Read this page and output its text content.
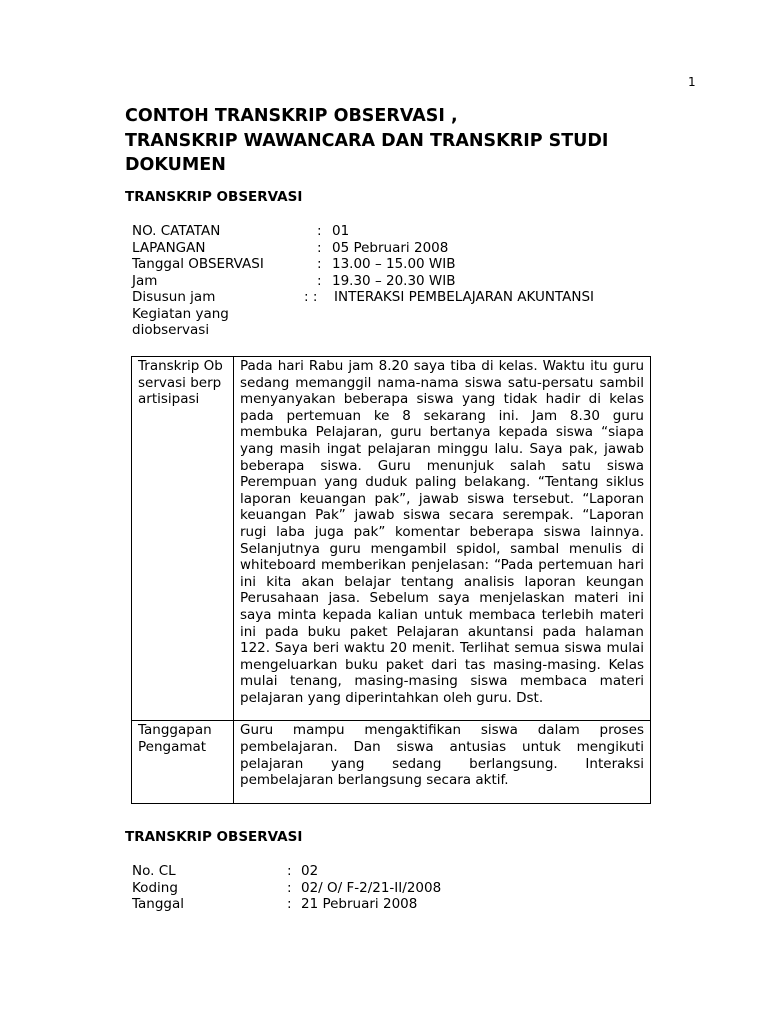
1
CONTOH TRANSKRIP OBSERVASI ,
TRANSKRIP WAWANCARA DAN TRANSKRIP STUDI
DOKUMEN
TRANSKRIP OBSERVASI
NO. CATATAN	: 01
LAPANGAN	: 05 Pebruari 2008
Tanggal OBSERVASI	: 13.00 – 15.00 WIB
Jam	: 19.30 – 20.30 WIB
Disusun jam	: : INTERAKSI PEMBELAJARAN AKUNTANSI
Kegiatan yang
diobservasi
Transkrip Observasi berpartisipasi	Pada hari Rabu jam 8.20 saya tiba di kelas. Waktu itu guru sedang memanggil nama-nama siswa satu-persatu sambil menyanyakan beberapa siswa yang tidak hadir di kelas pada pertemuan ke 8 sekarang ini. Jam 8.30 guru membuka Pelajaran, guru bertanya kepada siswa “siapa yang masih ingat pelajaran minggu lalu. Saya pak, jawab beberapa siswa. Guru menunjuk salah satu siswa Perempuan yang duduk paling belakang. “Tentang siklus laporan keuangan pak”, jawab siswa tersebut. “Laporan keuangan Pak” jawab siswa secara serempak. “Laporan rugi laba juga pak” komentar beberapa siswa lainnya. Selanjutnya guru mengambil spidol, sambal menulis di whiteboard memberikan penjelasan: “Pada pertemuan hari ini kita akan belajar tentang analisis laporan keungan Perusahaan jasa. Sebelum saya menjelaskan materi ini saya minta kepada kalian untuk membaca terlebih materi ini pada buku paket Pelajaran akuntansi pada halaman 122. Saya beri waktu 20 menit. Terlihat semua siswa mulai mengeluarkan buku paket dari tas masing-masing. Kelas mulai tenang, masing-masing siswa membaca materi pelajaran yang diperintahkan oleh guru. Dst.
Tanggapan Pengamat	Guru mampu mengaktifikan siswa dalam proses pembelajaran. Dan siswa antusias untuk mengikuti pelajaran yang sedang berlangsung. Interaksi pembelajaran berlangsung secara aktif.
TRANSKRIP OBSERVASI
No. CL	: 02
Koding	: 02/ O/ F-2/21-II/2008
Tanggal	: 21 Pebruari 2008
